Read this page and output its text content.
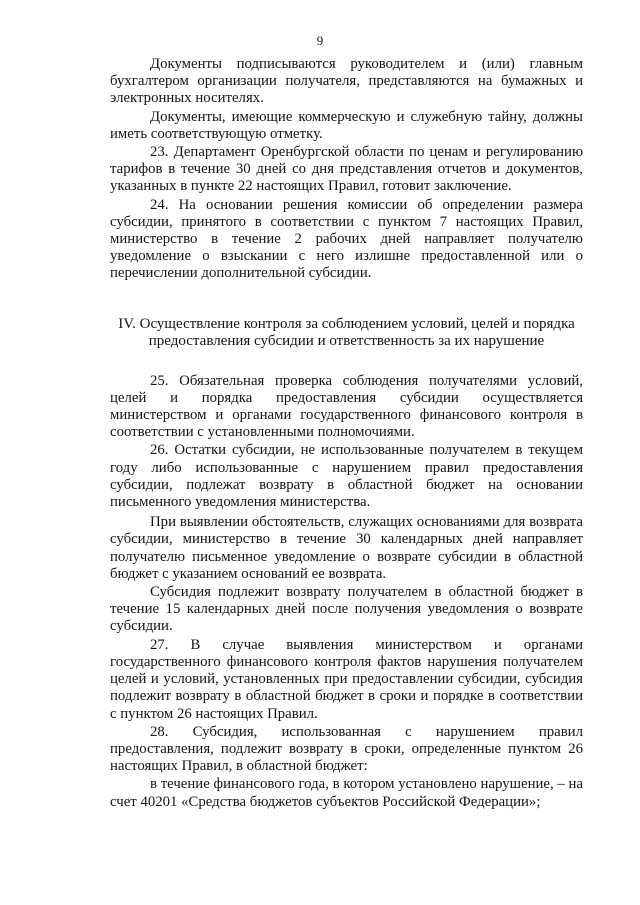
9

Документы подписываются руководителем и (или) главным бухгалтером организации получателя, представляются на бумажных и электронных носителях.

Документы, имеющие коммерческую и служебную тайну, должны иметь соответствующую отметку.

23. Департамент Оренбургской области по ценам и регулированию тарифов в течение 30 дней со дня представления отчетов и документов, указанных в пункте 22 настоящих Правил, готовит заключение.

24. На основании решения комиссии об определении размера субсидии, принятого в соответствии с пунктом 7 настоящих Правил, министерство в течение 2 рабочих дней направляет получателю уведомление о взыскании с него излишне предоставленной или о перечислении дополнительной субсидии.

IV. Осуществление контроля за соблюдением условий, целей и порядка
предоставления субсидии и ответственность за их нарушение

25. Обязательная проверка соблюдения получателями условий, целей и порядка предоставления субсидии осуществляется министерством и органами государственного финансового контроля в соответствии с установленными полномочиями.

26. Остатки субсидии, не использованные получателем в текущем году либо использованные с нарушением правил предоставления субсидии, подлежат возврату в областной бюджет на основании письменного уведомления министерства.

При выявлении обстоятельств, служащих основаниями для возврата субсидии, министерство в течение 30 календарных дней направляет получателю письменное уведомление о возврате субсидии в областной бюджет с указанием оснований ее возврата.

Субсидия подлежит возврату получателем в областной бюджет в течение 15 календарных дней после получения уведомления о возврате субсидии.

27. В случае выявления министерством и органами государственного финансового контроля фактов нарушения получателем целей и условий, установленных при предоставлении субсидии, субсидия подлежит возврату в областной бюджет в сроки и порядке в соответствии с пунктом 26 настоящих Правил.

28. Субсидия, использованная с нарушением правил предоставления, подлежит возврату в сроки, определенные пунктом 26 настоящих Правил, в областной бюджет:

в течение финансового года, в котором установлено нарушение, – на счет 40201 «Средства бюджетов субъектов Российской Федерации»;
